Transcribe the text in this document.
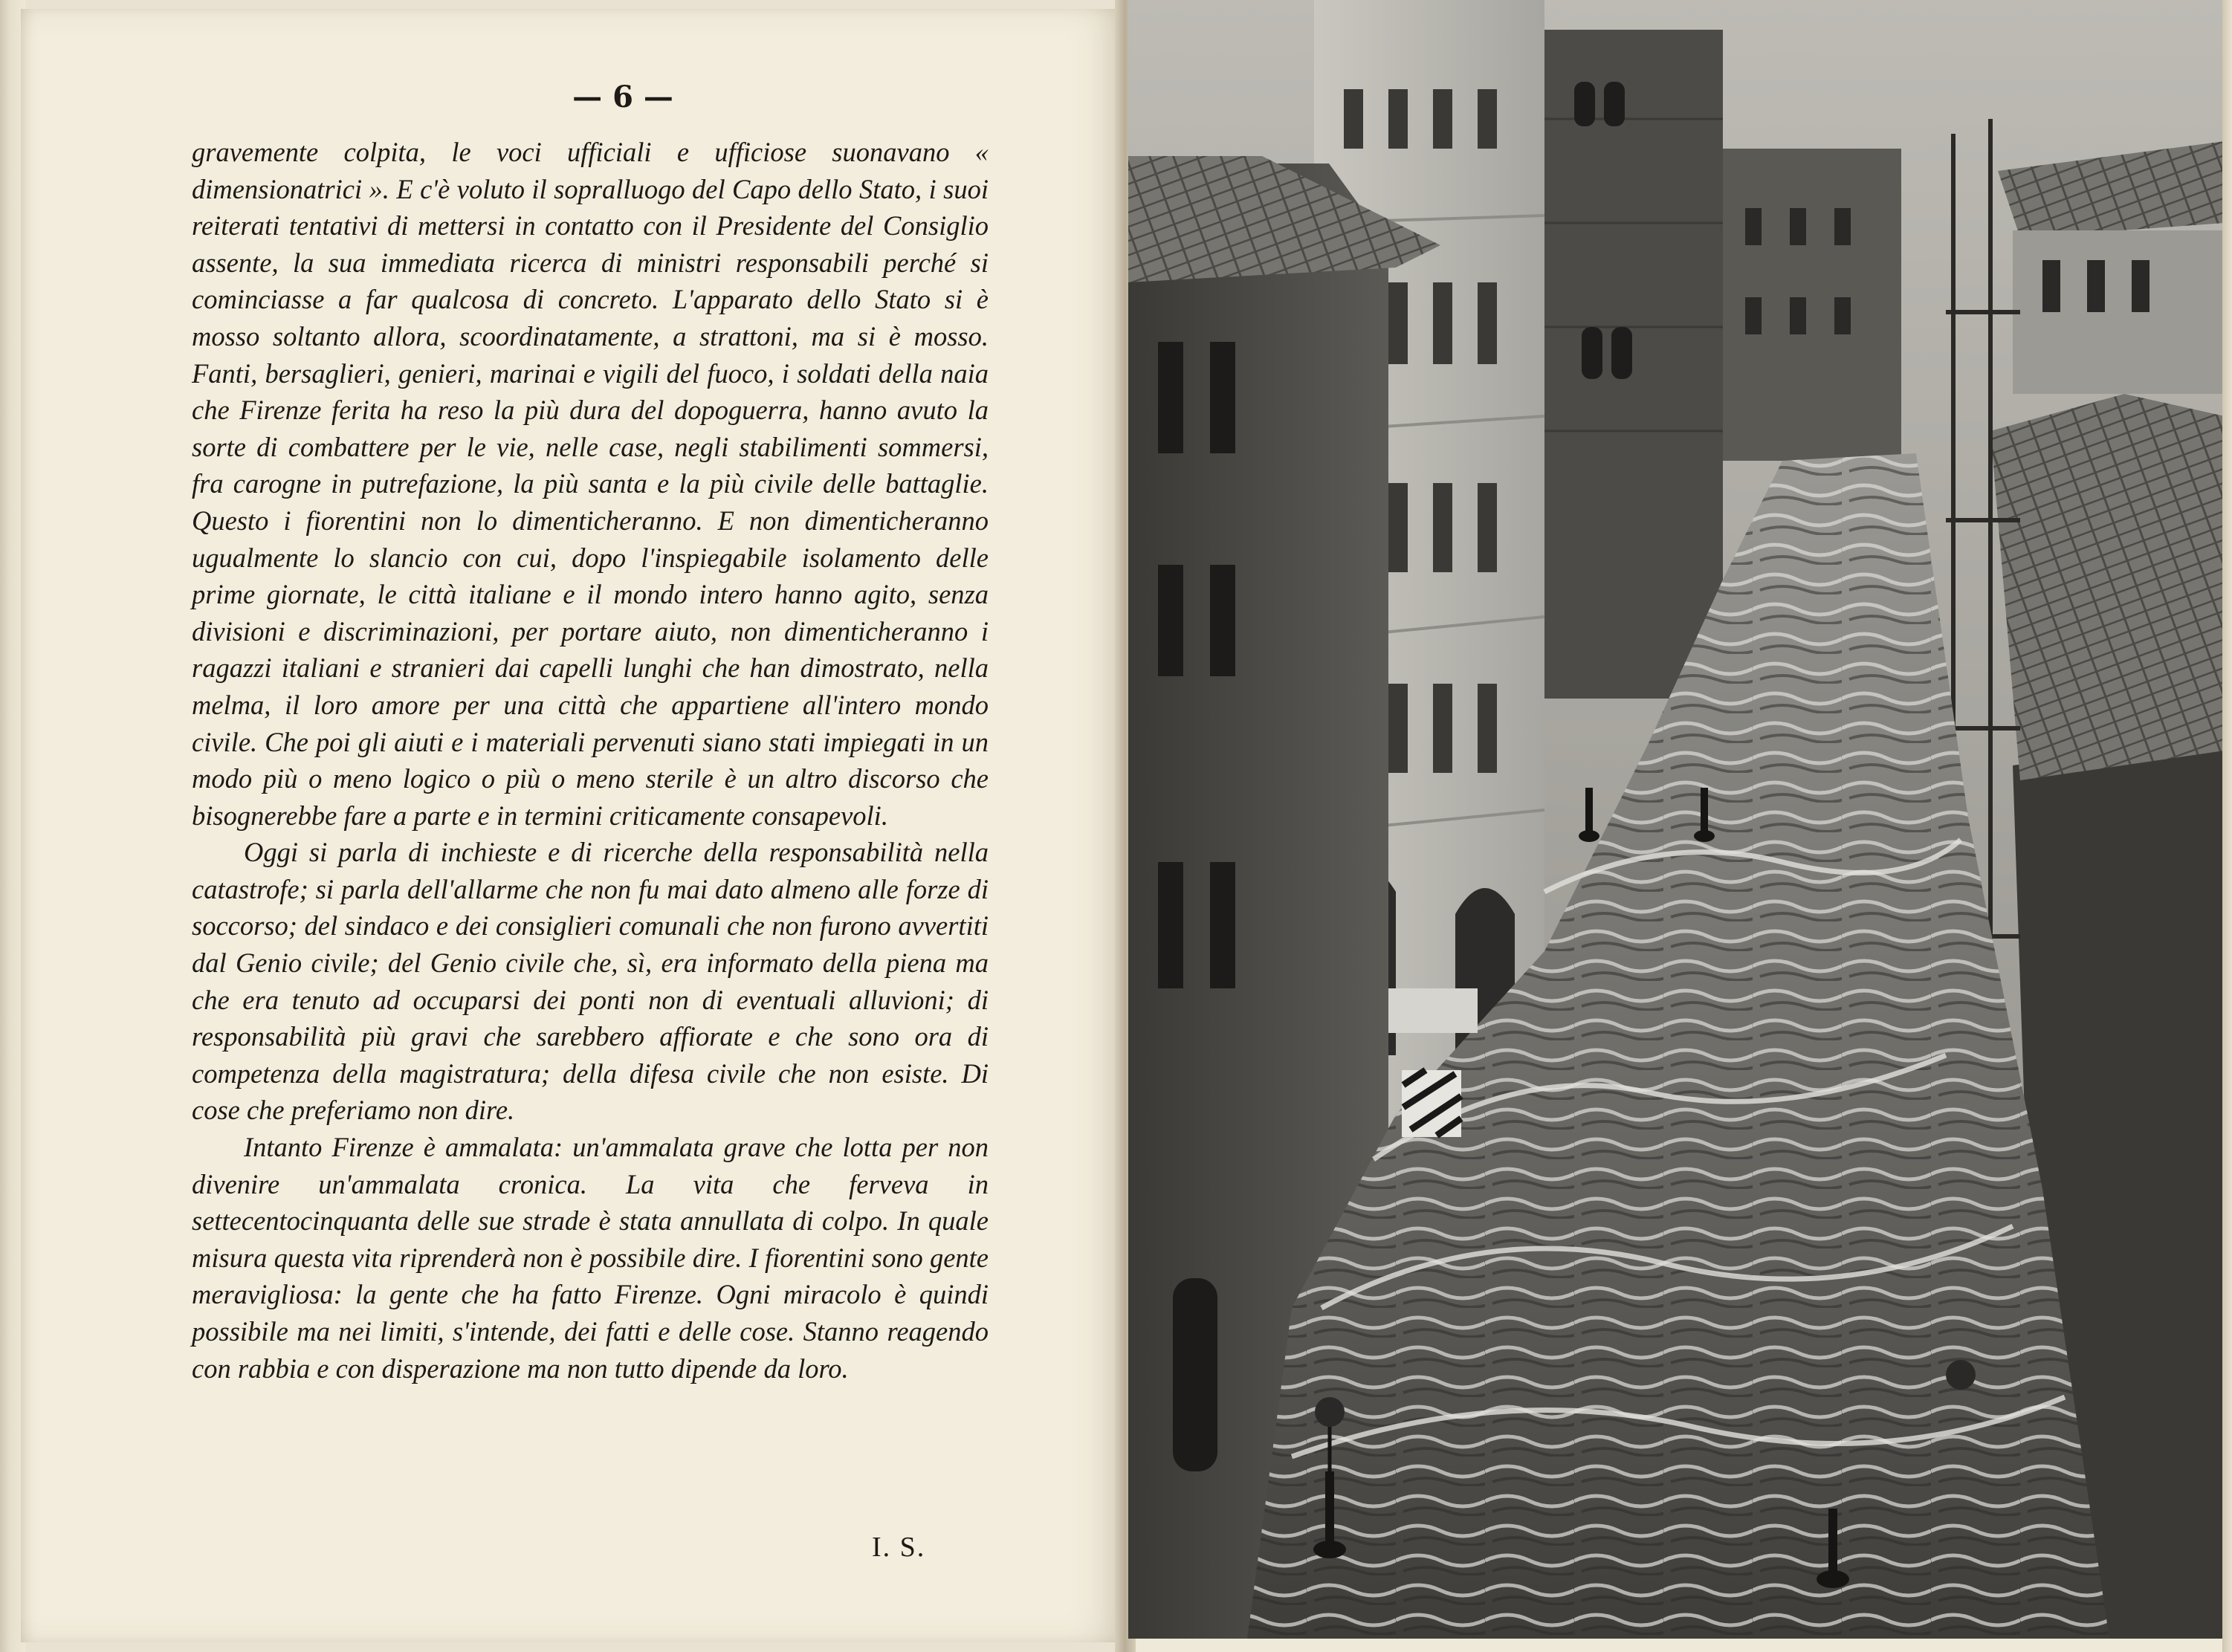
— 6 —

gravemente colpita, le voci ufficiali e ufficiose suonavano « dimensionatrici ». E c'è voluto il sopralluogo del Capo dello Stato, i suoi reiterati tentativi di mettersi in contatto con il Presidente del Consiglio assente, la sua immediata ricerca di ministri responsabili perché si cominciasse a far qualcosa di concreto. L'apparato dello Stato si è mosso soltanto allora, scoordinatamente, a strattoni, ma si è mosso. Fanti, bersaglieri, genieri, marinai e vigili del fuoco, i soldati della naia che Firenze ferita ha reso la più dura del dopoguerra, hanno avuto la sorte di combattere per le vie, nelle case, negli stabilimenti sommersi, fra carogne in putrefazione, la più santa e la più civile delle battaglie. Questo i fiorentini non lo dimenticheranno. E non dimenticheranno ugualmente lo slancio con cui, dopo l'inspiegabile isolamento delle prime giornate, le città italiane e il mondo intero hanno agito, senza divisioni e discriminazioni, per portare aiuto, non dimenticheranno i ragazzi italiani e stranieri dai capelli lunghi che han dimostrato, nella melma, il loro amore per una città che appartiene all'intero mondo civile. Che poi gli aiuti e i materiali pervenuti siano stati impiegati in un modo più o meno logico o più o meno sterile è un altro discorso che bisognerebbe fare a parte e in termini criticamente consapevoli.

Oggi si parla di inchieste e di ricerche della responsabilità nella catastrofe; si parla dell'allarme che non fu mai dato almeno alle forze di soccorso; del sindaco e dei consiglieri comunali che non furono avvertiti dal Genio civile; del Genio civile che, sì, era informato della piena ma che era tenuto ad occuparsi dei ponti non di eventuali alluvioni; di responsabilità più gravi che sarebbero affiorate e che sono ora di competenza della magistratura; della difesa civile che non esiste. Di cose che preferiamo non dire.

Intanto Firenze è ammalata: un'ammalata grave che lotta per non divenire un'ammalata cronica. La vita che ferveva in settecentocinquanta delle sue strade è stata annullata di colpo. In quale misura questa vita riprenderà non è possibile dire. I fiorentini sono gente meravigliosa: la gente che ha fatto Firenze. Ogni miracolo è quindi possibile ma nei limiti, s'intende, dei fatti e delle cose. Stanno reagendo con rabbia e con disperazione ma non tutto dipende da loro.

I. S.
